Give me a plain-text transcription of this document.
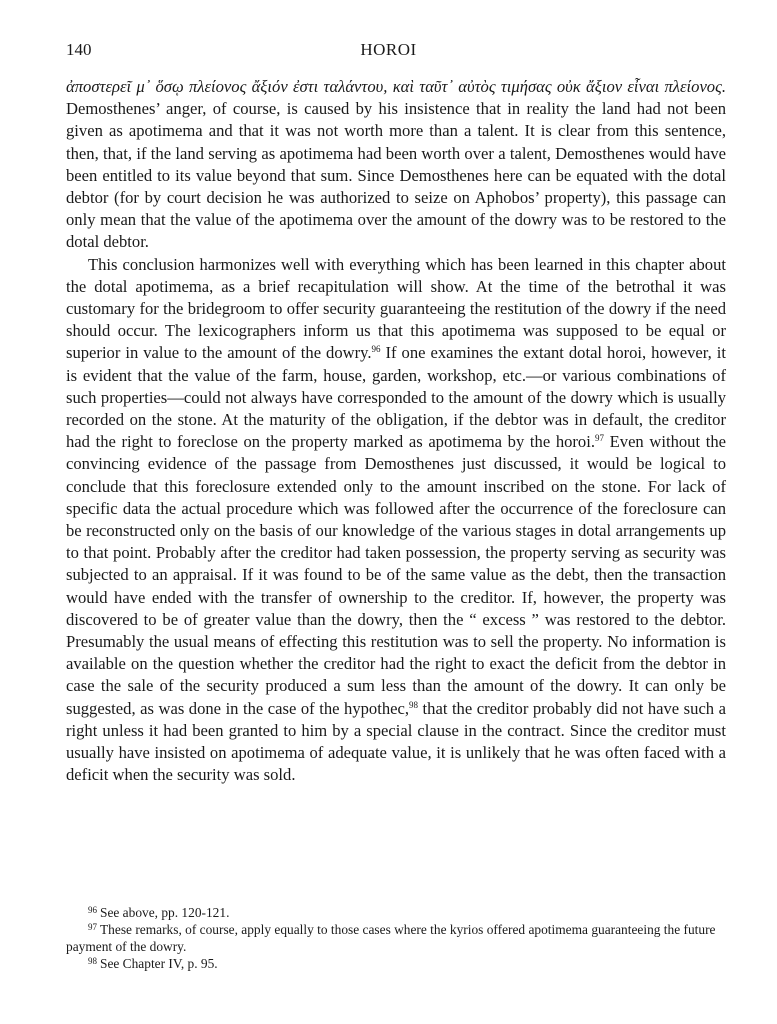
140	HOROI

ἀποστερεῖ μ᾽ ὅσῳ πλείονος ἄξιόν ἐστι ταλάντου, καὶ ταῦτ᾽ αὐτὸς τιμήσας οὐκ ἄξιον εἶναι πλείονος. Demosthenes’ anger, of course, is caused by his insistence that in reality the land had not been given as apotimema and that it was not worth more than a talent. It is clear from this sentence, then, that, if the land serving as apotimema had been worth over a talent, Demosthenes would have been entitled to its value beyond that sum. Since Demosthenes here can be equated with the dotal debtor (for by court decision he was authorized to seize on Aphobos’ property), this passage can only mean that the value of the apotimema over the amount of the dowry was to be restored to the dotal debtor.

This conclusion harmonizes well with everything which has been learned in this chapter about the dotal apotimema, as a brief recapitulation will show. At the time of the betrothal it was customary for the bridegroom to offer security guaranteeing the restitution of the dowry if the need should occur. The lexicographers inform us that this apotimema was supposed to be equal or superior in value to the amount of the dowry.$^{96}$ If one examines the extant dotal horoi, however, it is evident that the value of the farm, house, garden, workshop, etc.—or various combinations of such properties—could not always have corresponded to the amount of the dowry which is usually recorded on the stone. At the maturity of the obligation, if the debtor was in default, the creditor had the right to foreclose on the property marked as apotimema by the horoi.$^{97}$ Even without the convincing evidence of the passage from Demosthenes just discussed, it would be logical to conclude that this foreclosure extended only to the amount inscribed on the stone. For lack of specific data the actual procedure which was followed after the occurrence of the foreclosure can be reconstructed only on the basis of our knowledge of the various stages in dotal arrangements up to that point. Probably after the creditor had taken possession, the property serving as security was subjected to an appraisal. If it was found to be of the same value as the debt, then the transaction would have ended with the transfer of ownership to the creditor. If, however, the property was discovered to be of greater value than the dowry, then the “ excess ” was restored to the debtor. Presumably the usual means of effecting this restitution was to sell the property. No information is available on the question whether the creditor had the right to exact the deficit from the debtor in case the sale of the security produced a sum less than the amount of the dowry. It can only be suggested, as was done in the case of the hypothec,$^{98}$ that the creditor probably did not have such a right unless it had been granted to him by a special clause in the contract. Since the creditor must usually have insisted on apotimema of adequate value, it is unlikely that he was often faced with a deficit when the security was sold.

$^{96}$ See above, pp. 120-121.

$^{97}$ These remarks, of course, apply equally to those cases where the kyrios offered apotimema guaranteeing the future payment of the dowry.

$^{98}$ See Chapter IV, p. 95.
